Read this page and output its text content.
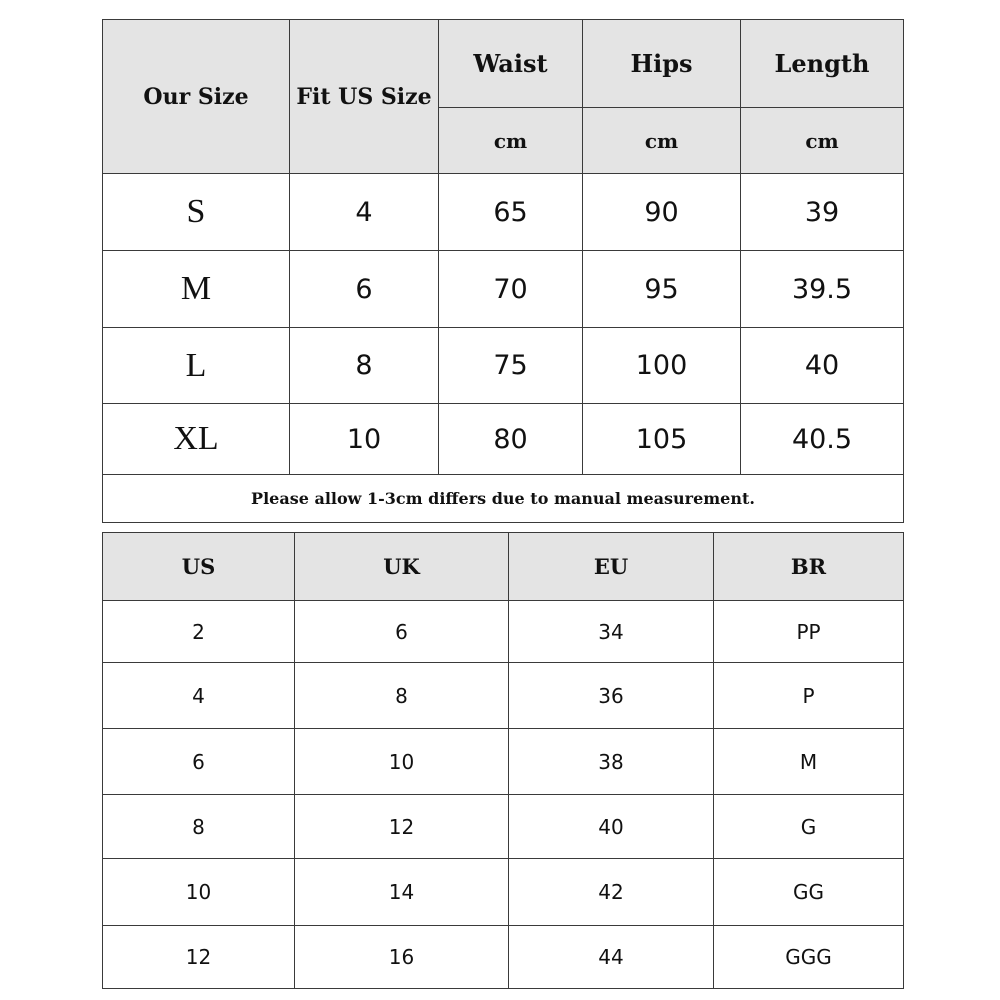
Our Size	Fit US Size	Waist	Hips	Length
		cm	cm	cm
S	4	65	90	39
M	6	70	95	39.5
L	8	75	100	40
XL	10	80	105	40.5
Please allow 1-3cm differs due to manual measurement.				
US	UK	EU	BR
2	6	34	PP
4	8	36	P
6	10	38	M
8	12	40	G
10	14	42	GG
12	16	44	GGG
